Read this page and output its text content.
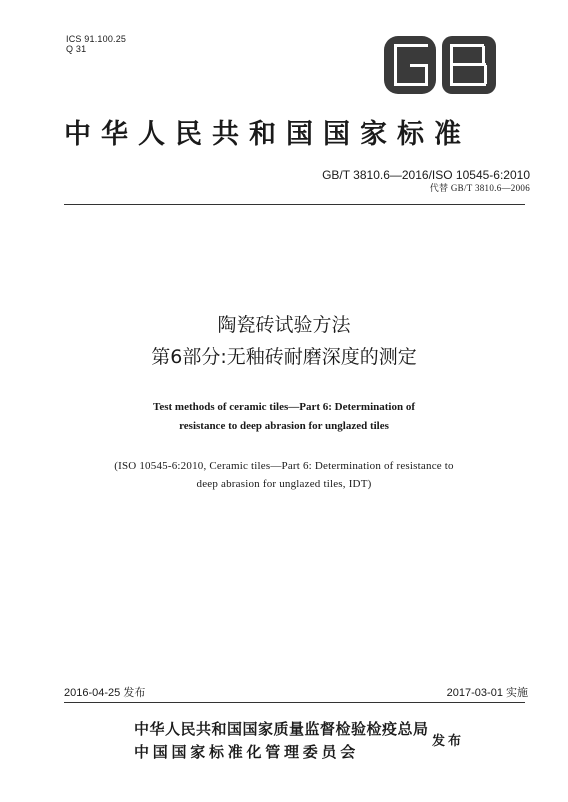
ICS 91.100.25
Q 31
中华人民共和国国家标准
GB/T 3810.6—2016/ISO 10545-6:2010
代替 GB/T 3810.6—2006
陶瓷砖试验方法
第6部分:无釉砖耐磨深度的测定
Test methods of ceramic tiles—Part 6: Determination of
resistance to deep abrasion for unglazed tiles
(ISO 10545-6:2010, Ceramic tiles—Part 6: Determination of resistance to
deep abrasion for unglazed tiles, IDT)
2016-04-25 发布	2017-03-01 实施
中华人民共和国国家质量监督检验检疫总局
中 国 国 家 标 准 化 管 理 委 员 会
发布
